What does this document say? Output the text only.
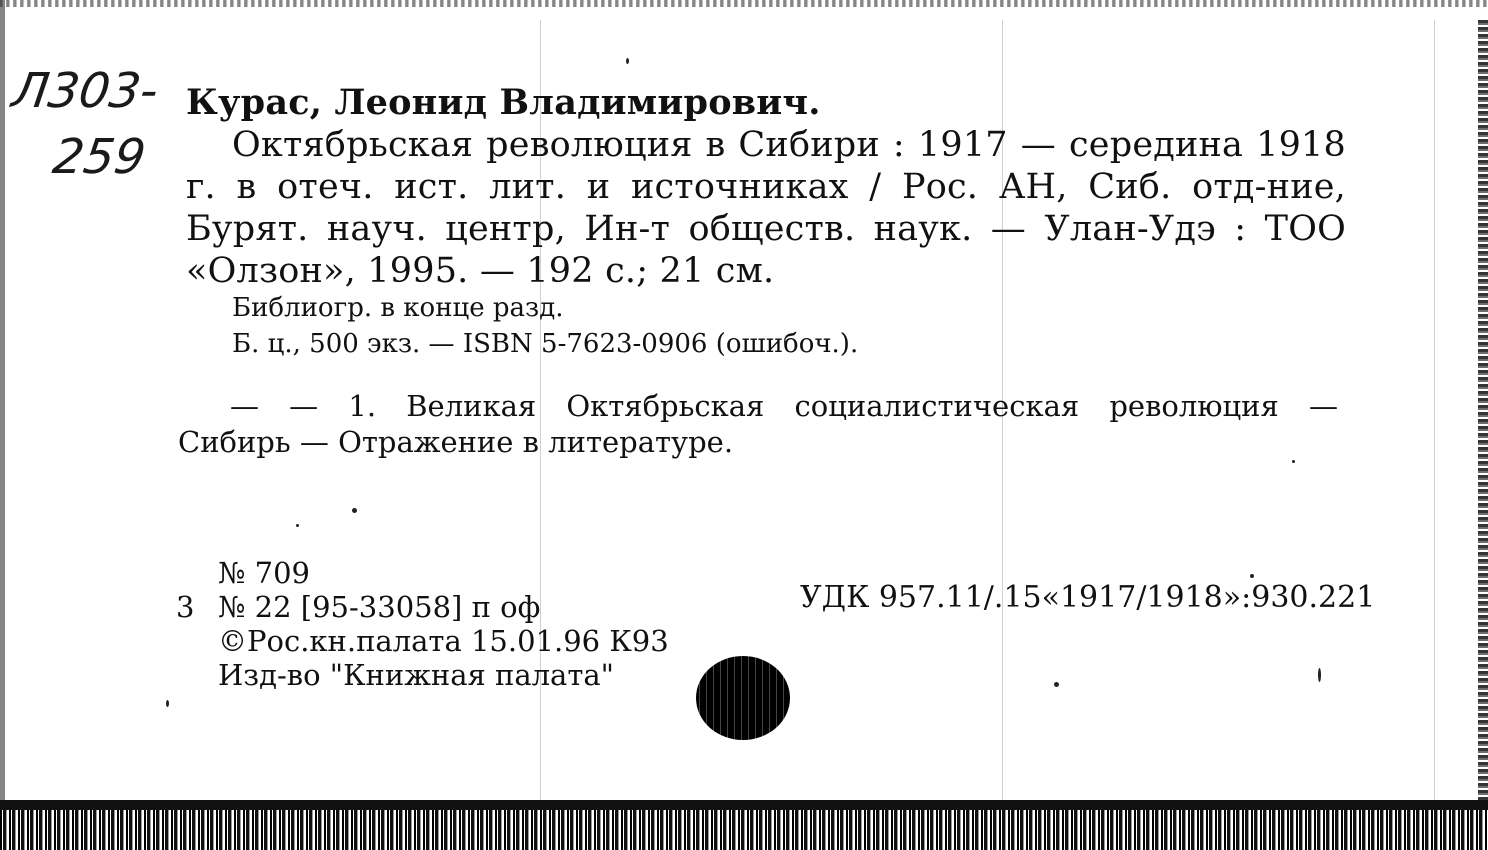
Л303-
259
Курас, Леонид Владимирович.
Октябрьская революция в Сибири : 1917 — середина 1918 г. в отеч. ист. лит. и источниках / Рос. АН, Сиб. отд-ние, Бурят. науч. центр, Ин-т обществ. наук. — Улан-Удэ : ТОО «Олзон», 1995. — 192 с.; 21 см.
Библиогр. в конце разд.
Б. ц., 500 экз. — ISBN 5-7623-0906 (ошибоч.).
— — 1. Великая Октябрьская социалистическая революция —
Сибирь — Отражение в литературе.
№ 709
3 № 22 [95-33058] п оф
©Рос.кн.палата 15.01.96 К93
Изд-во "Книжная палата"
УДК 957.11/.15«1917/1918»:930.221
